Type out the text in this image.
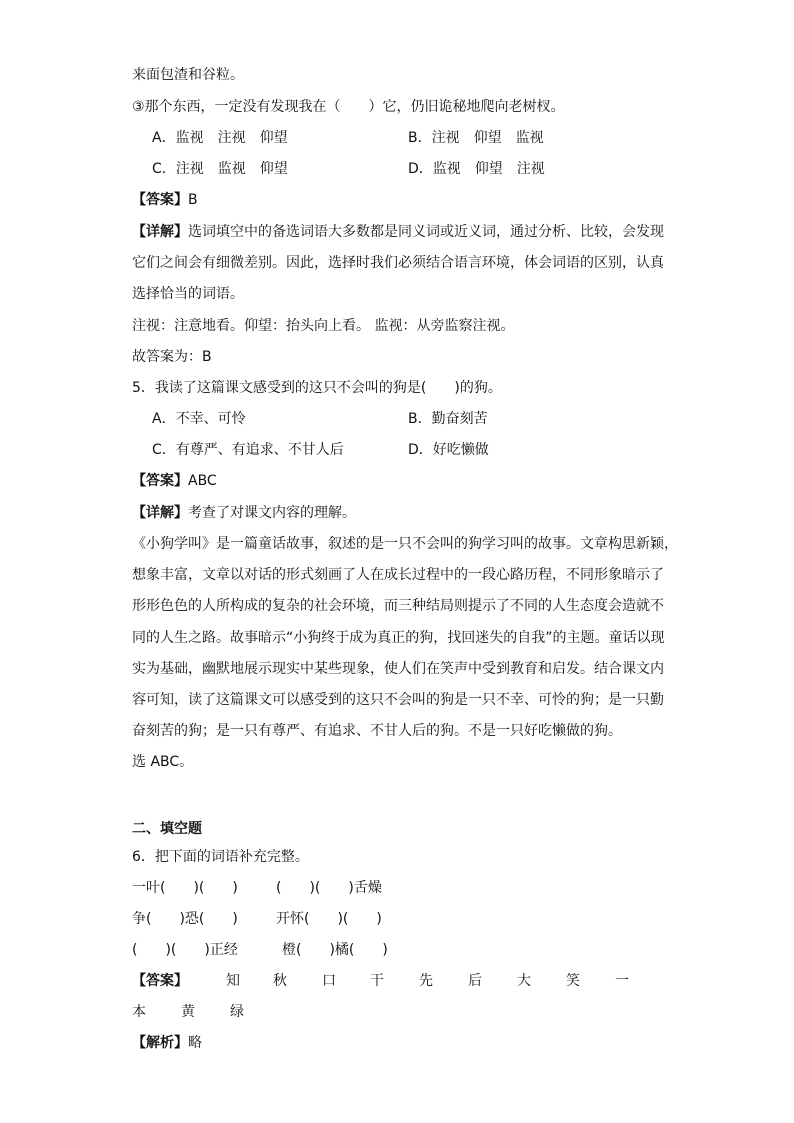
来面包渣和谷粒。
③那个东西，一定没有发现我在（　　）它，仍旧诡秘地爬向老树杈。
A．监视　注视　仰望	B．注视　仰望　监视
C．注视　监视　仰望	D．监视　仰望　注视
【答案】B
【详解】选词填空中的备选词语大多数都是同义词或近义词，通过分析、比较，会发现
它们之间会有细微差别。因此，选择时我们必须结合语言环境，体会词语的区别，认真
选择恰当的词语。
注视：注意地看。仰望：抬头向上看。 监视：从旁监察注视。
故答案为：B
5．我读了这篇课文感受到的这只不会叫的狗是(　　)的狗。
A．不幸、可怜	B．勤奋刻苦
C．有尊严、有追求、不甘人后	D．好吃懒做
【答案】ABC
【详解】考查了对课文内容的理解。
《小狗学叫》是一篇童话故事，叙述的是一只不会叫的狗学习叫的故事。文章构思新颖，
想象丰富，文章以对话的形式刻画了人在成长过程中的一段心路历程，不同形象暗示了
形形色色的人所构成的复杂的社会环境，而三种结局则提示了不同的人生态度会造就不
同的人生之路。故事暗示“小狗终于成为真正的狗，找回迷失的自我”的主题。童话以现
实为基础，幽默地展示现实中某些现象，使人们在笑声中受到教育和启发。结合课文内
容可知，读了这篇课文可以感受到的这只不会叫的狗是一只不幸、可怜的狗；是一只勤
奋刻苦的狗；是一只有尊严、有追求、不甘人后的狗。不是一只好吃懒做的狗。
选 ABC。
二、填空题
6．把下面的词语补充完整。
一叶(　　)(　　)	(　　)(　　)舌燥
争(　　)恐(　　)	开怀(　　)(　　)
(　　)(　　)正经	橙(　　)橘(　　)
【答案】	知 秋	口 干	先	后	大	笑	一
本	黄	绿
【解析】略
